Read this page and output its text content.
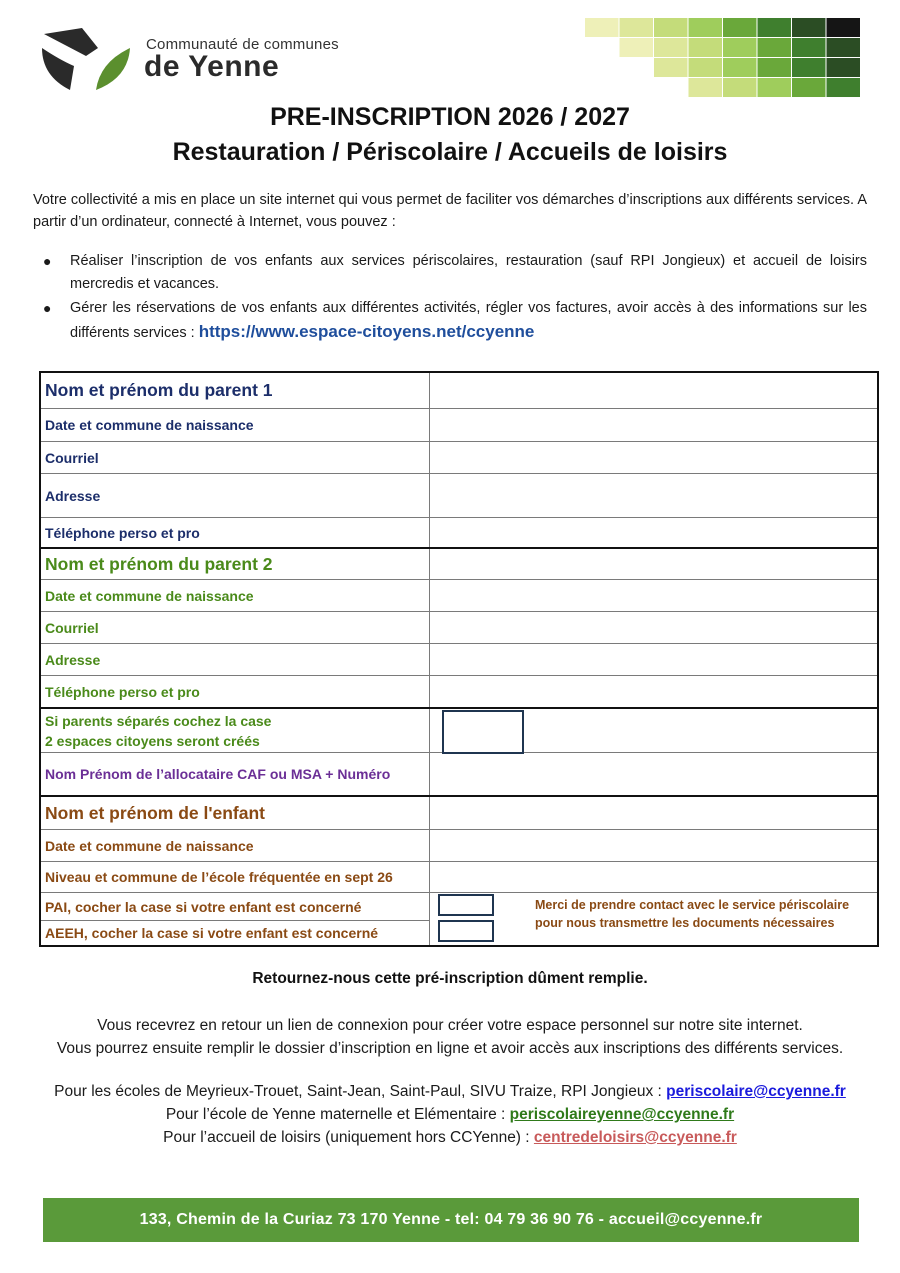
Communauté de communes
de Yenne
PRE-INSCRIPTION 2026 / 2027
Restauration / Périscolaire / Accueils de loisirs
Votre collectivité a mis en place un site internet qui vous permet de faciliter vos démarches d’inscriptions aux différents services. A partir d’un ordinateur, connecté à Internet, vous pouvez :
● Réaliser l’inscription de vos enfants aux services périscolaires, restauration (sauf RPI Jongieux) et accueil de loisirs mercredis et vacances.
● Gérer les réservations de vos enfants aux différentes activités, régler vos factures, avoir accès à des informations sur les différents services : https://www.espace-citoyens.net/ccyenne
Nom et prénom du parent 1
Date et commune de naissance
Courriel
Adresse
Téléphone perso et pro
Nom et prénom du parent 2
Date et commune de naissance
Courriel
Adresse
Téléphone perso et pro
Si parents séparés cochez la case
2 espaces citoyens seront créés
Nom Prénom de l’allocataire CAF ou MSA + Numéro
Nom et prénom de l'enfant
Date et commune de naissance
Niveau et commune de l’école fréquentée en sept 26
PAI, cocher la case si votre enfant est concerné
AEEH, cocher la case si votre enfant est concerné
Merci de prendre contact avec le service périscolaire
pour nous transmettre les documents nécessaires
Retournez-nous cette pré-inscription dûment remplie.
Vous recevrez en retour un lien de connexion pour créer votre espace personnel sur notre site internet.
Vous pourrez ensuite remplir le dossier d’inscription en ligne et avoir accès aux inscriptions des différents services.
Pour les écoles de Meyrieux-Trouet, Saint-Jean, Saint-Paul, SIVU Traize, RPI Jongieux : periscolaire@ccyenne.fr
Pour l’école de Yenne maternelle et Elémentaire : periscolaireyenne@ccyenne.fr
Pour l’accueil de loisirs (uniquement hors CCYenne) : centredeloisirs@ccyenne.fr
133, Chemin de la Curiaz 73 170 Yenne - tel: 04 79 36 90 76 - accueil@ccyenne.fr
